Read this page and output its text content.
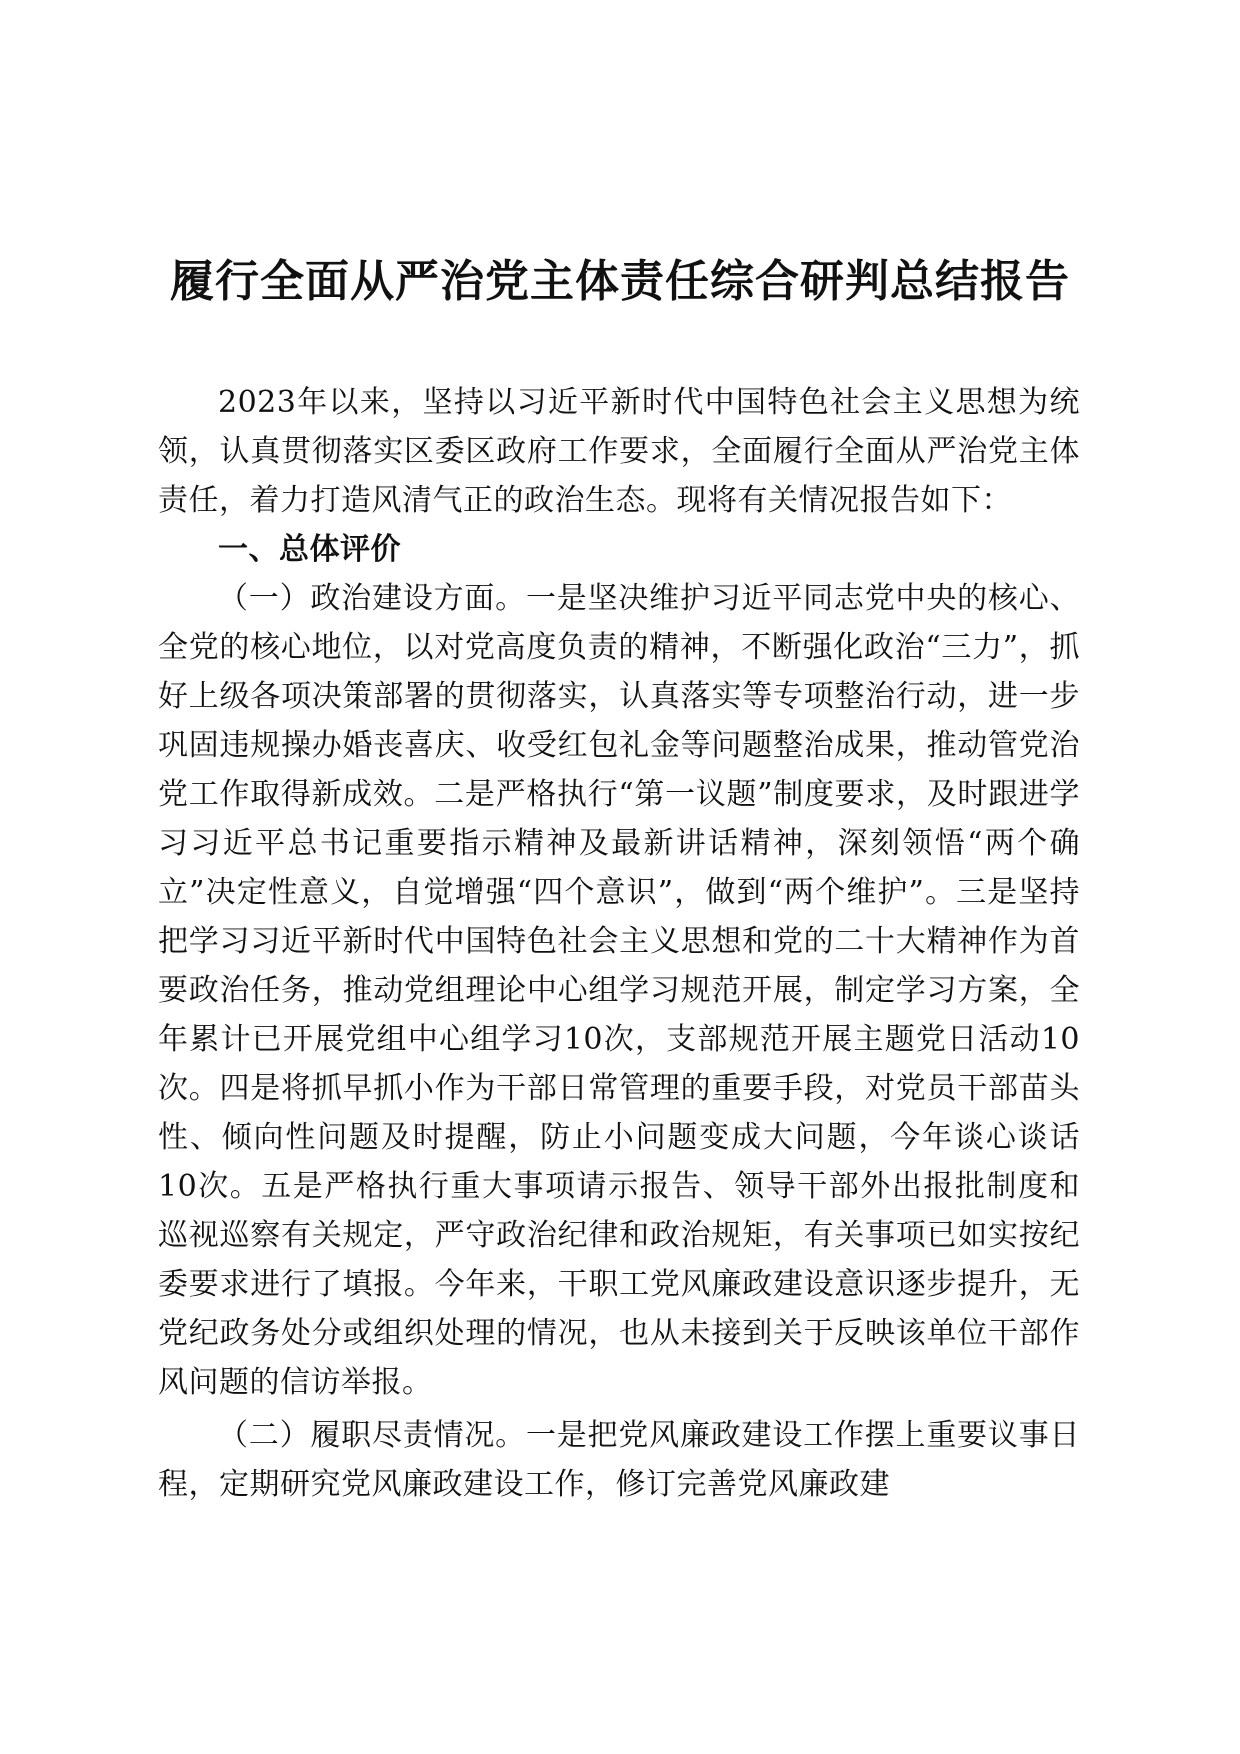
履行全面从严治党主体责任综合研判总结报告

2023年以来，坚持以习近平新时代中国特色社会主义思想为统领，认真贯彻落实区委区政府工作要求，全面履行全面从严治党主体责任，着力打造风清气正的政治生态。现将有关情况报告如下：

一、总体评价

（一）政治建设方面。一是坚决维护习近平同志党中央的核心、全党的核心地位，以对党高度负责的精神，不断强化政治“三力”，抓好上级各项决策部署的贯彻落实，认真落实等专项整治行动，进一步巩固违规操办婚丧喜庆、收受红包礼金等问题整治成果，推动管党治党工作取得新成效。二是严格执行“第一议题”制度要求，及时跟进学习习近平总书记重要指示精神及最新讲话精神，深刻领悟“两个确立”决定性意义，自觉增强“四个意识”，做到“两个维护”。三是坚持把学习习近平新时代中国特色社会主义思想和党的二十大精神作为首要政治任务，推动党组理论中心组学习规范开展，制定学习方案，全年累计已开展党组中心组学习10次，支部规范开展主题党日活动10次。四是将抓早抓小作为干部日常管理的重要手段，对党员干部苗头性、倾向性问题及时提醒，防止小问题变成大问题，今年谈心谈话10次。五是严格执行重大事项请示报告、领导干部外出报批制度和巡视巡察有关规定，严守政治纪律和政治规矩，有关事项已如实按纪委要求进行了填报。今年来，干职工党风廉政建设意识逐步提升，无党纪政务处分或组织处理的情况，也从未接到关于反映该单位干部作风问题的信访举报。

（二）履职尽责情况。一是把党风廉政建设工作摆上重要议事日程，定期研究党风廉政建设工作，修订完善党风廉政建
